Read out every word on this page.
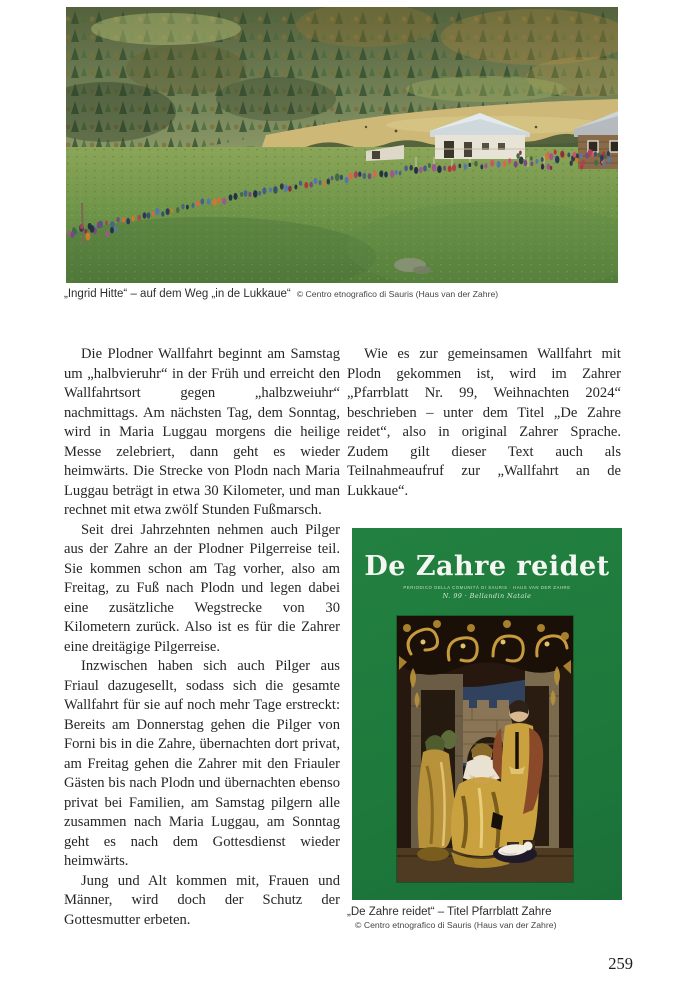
„Ingrid Hitte“ – auf dem Weg „in de Lukkaue“ © Centro etnografico di Sauris (Haus van der Zahre)

Die Plodner Wallfahrt beginnt am Samstag um „halbvieruhr“ in der Früh und erreicht den Wallfahrtsort gegen „halbzweiuhr“ nachmittags. Am nächsten Tag, dem Sonntag, wird in Maria Luggau morgens die heilige Messe zelebriert, dann geht es wieder heimwärts. Die Strecke von Plodn nach Maria Luggau beträgt in etwa 30 Kilometer, und man rechnet mit etwa zwölf Stunden Fußmarsch.

Seit drei Jahrzehnten nehmen auch Pilger aus der Zahre an der Plodner Pilgerreise teil. Sie kommen schon am Tag vorher, also am Freitag, zu Fuß nach Plodn und legen dabei eine zusätzliche Wegstrecke von 30 Kilometern zurück. Also ist es für die Zahrer eine dreitägige Pilgerreise.

Inzwischen haben sich auch Pilger aus Friaul dazugesellt, sodass sich die gesamte Wallfahrt für sie auf noch mehr Tage erstreckt: Bereits am Donnerstag gehen die Pilger von Forni bis in die Zahre, übernachten dort privat, am Freitag gehen die Zahrer mit den Friauler Gästen bis nach Plodn und übernachten ebenso privat bei Familien, am Samstag pilgern alle zusammen nach Maria Luggau, am Sonntag geht es nach dem Gottesdienst wieder heimwärts.

Jung und Alt kommen mit, Frauen und Männer, wird doch der Schutz der Gottesmutter erbeten.

Wie es zur gemeinsamen Wallfahrt mit Plodn gekommen ist, wird im Zahrer „Pfarrblatt Nr. 99, Weihnachten 2024“ beschrieben – unter dem Titel „De Zahre reidet“, also in original Zahrer Sprache. Zudem gilt dieser Text auch als Teilnahmeaufruf zur „Wallfahrt an de Lukkaue“.

De Zahre reidet
PERIODICO DELLA COMUNITÀ DI SAURIS · HAUS VAN DER ZAHRE
N. 99 · Bellandin Natale
„De Zahre reidet“ – Titel Pfarrblatt Zahre
© Centro etnografico di Sauris (Haus van der Zahre)
259
